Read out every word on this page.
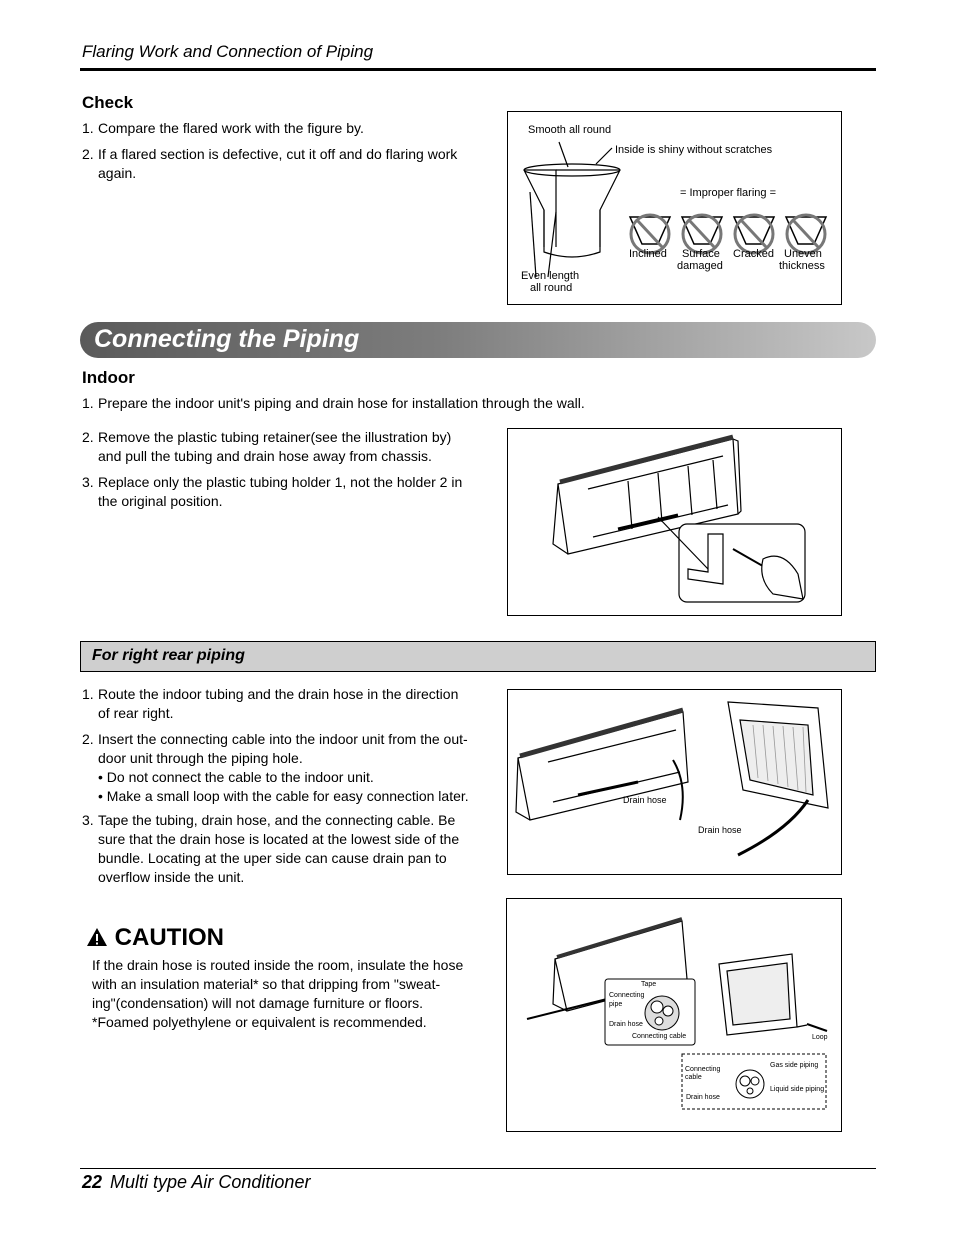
Flaring Work and Connection of Piping
Check
1. Compare the flared work with the figure by.
2. If a flared section is defective, cut it off and do flaring work
again.
Smooth all round
Inside is shiny without scratches
Even length
all round
= Improper flaring =
Inclined Surface
damaged
Cracked Uneven
thickness
Connecting the Piping
Indoor
1. Prepare the indoor unit's piping and drain hose for installation through the wall.
2. Remove the plastic tubing retainer(see the illustration by)
and pull the tubing and drain hose away from chassis.
3. Replace only the plastic tubing holder 1, not the holder 2 in
the original position.
For right rear piping
1. Route the indoor tubing and the drain hose in the direction
of rear right.
2. Insert the connecting cable into the indoor unit from the out-
door unit through the piping hole.
• Do not connect the cable to the indoor unit.
• Make a small loop with the cable for easy connection later.
3. Tape the tubing, drain hose, and the connecting cable. Be
sure that the drain hose is located at the lowest side of the
bundle. Locating at the uper side can cause drain pan to
overflow inside the unit.
Drain hose
Drain hose
CAUTION
If the drain hose is routed inside the room, insulate the hose
with an insulation material* so that dripping from "sweat-
ing"(condensation) will not damage furniture or floors.
*Foamed polyethylene or equivalent is recommended.
Tape
Connecting
pipe
Drain hose
Connecting cable	Loop
Connecting
cable
Gas side piping
Liquid side piping
Drain hose
22 Multi type Air Conditioner
